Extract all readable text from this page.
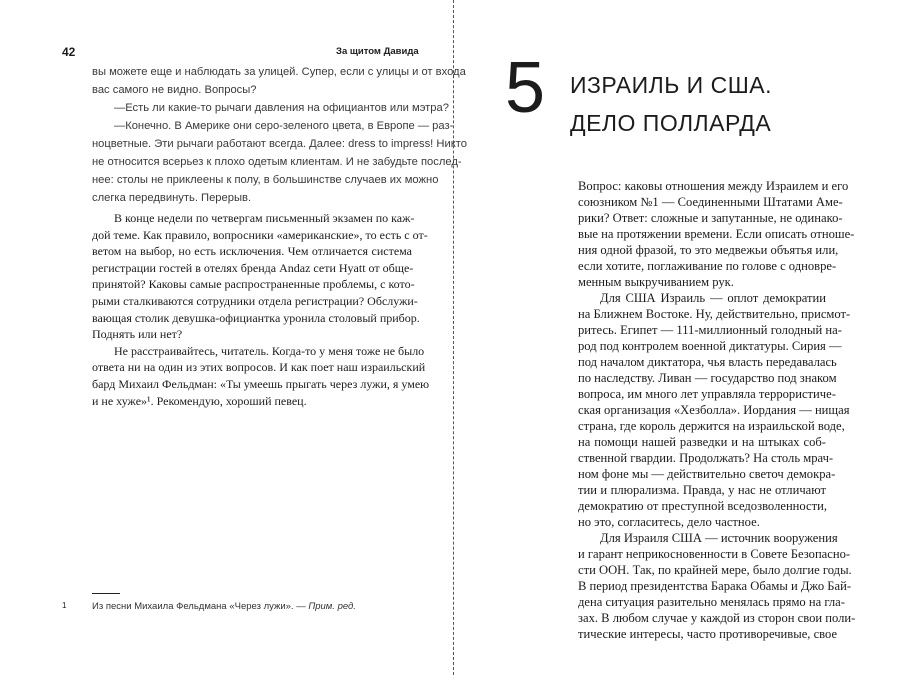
42	За щитом Давида
вы можете еще и наблюдать за улицей. Супер, если с улицы и от входа
вас самого не видно. Вопросы?
—Есть ли какие-то рычаги давления на официантов или мэтра?
—Конечно. В Америке они серо-зеленого цвета, в Европе — раз-
ноцветные. Эти рычаги работают всегда. Далее: dress to impress! Никто
не относится всерьез к плохо одетым клиентам. И не забудьте послед-
нее: столы не приклеены к полу, в большинстве случаев их можно
слегка передвинуть. Перерыв.
В конце недели по четвергам письменный экзамен по каж-
дой теме. Как правило, вопросники «американские», то есть с от-
ветом на выбор, но есть исключения. Чем отличается система
регистрации гостей в отелях бренда Andaz сети Hyatt от обще-
принятой? Каковы самые распространенные проблемы, с кото-
рыми сталкиваются сотрудники отдела регистрации? Обслужи-
вающая столик девушка-официантка уронила столовый прибор.
Поднять или нет?
Не расстраивайтесь, читатель. Когда-то у меня тоже не было
ответа ни на один из этих вопросов. И как поет наш израильский
бард Михаил Фельдман: «Ты умеешь прыгать через лужи, я умею
и не хуже»¹. Рекомендую, хороший певец.
1	Из песни Михаила Фельдмана «Через лужи». — Прим. ред.
5 ИЗРАИЛЬ И США.
ДЕЛО ПОЛЛАРДА
Вопрос: каковы отношения между Израилем и его
союзником №1 — Соединенными Штатами Аме-
рики? Ответ: сложные и запутанные, не одинако-
вые на протяжении времени. Если описать отноше-
ния одной фразой, то это медвежьи объятья или,
если хотите, поглаживание по голове с одновре-
менным выкручиванием рук.
Для США Израиль — оплот демократии
на Ближнем Востоке. Ну, действительно, присмот-
ритесь. Египет — 111-миллионный голодный на-
род под контролем военной диктатуры. Сирия —
под началом диктатора, чья власть передавалась
по наследству. Ливан — государство под знаком
вопроса, им много лет управляла террористиче-
ская организация «Хезболла». Иордания — нищая
страна, где король держится на израильской воде,
на помощи нашей разведки и на штыках соб-
ственной гвардии. Продолжать? На столь мрач-
ном фоне мы — действительно светоч демокра-
тии и плюрализма. Правда, у нас не отличают
демократию от преступной вседозволенности,
но это, согласитесь, дело частное.
Для Израиля США — источник вооружения
и гарант неприкосновенности в Совете Безопасно-
сти ООН. Так, по крайней мере, было долгие годы.
В период президентства Барака Обамы и Джо Бай-
дена ситуация разительно менялась прямо на гла-
зах. В любом случае у каждой из сторон свои поли-
тические интересы, часто противоречивые, свое
